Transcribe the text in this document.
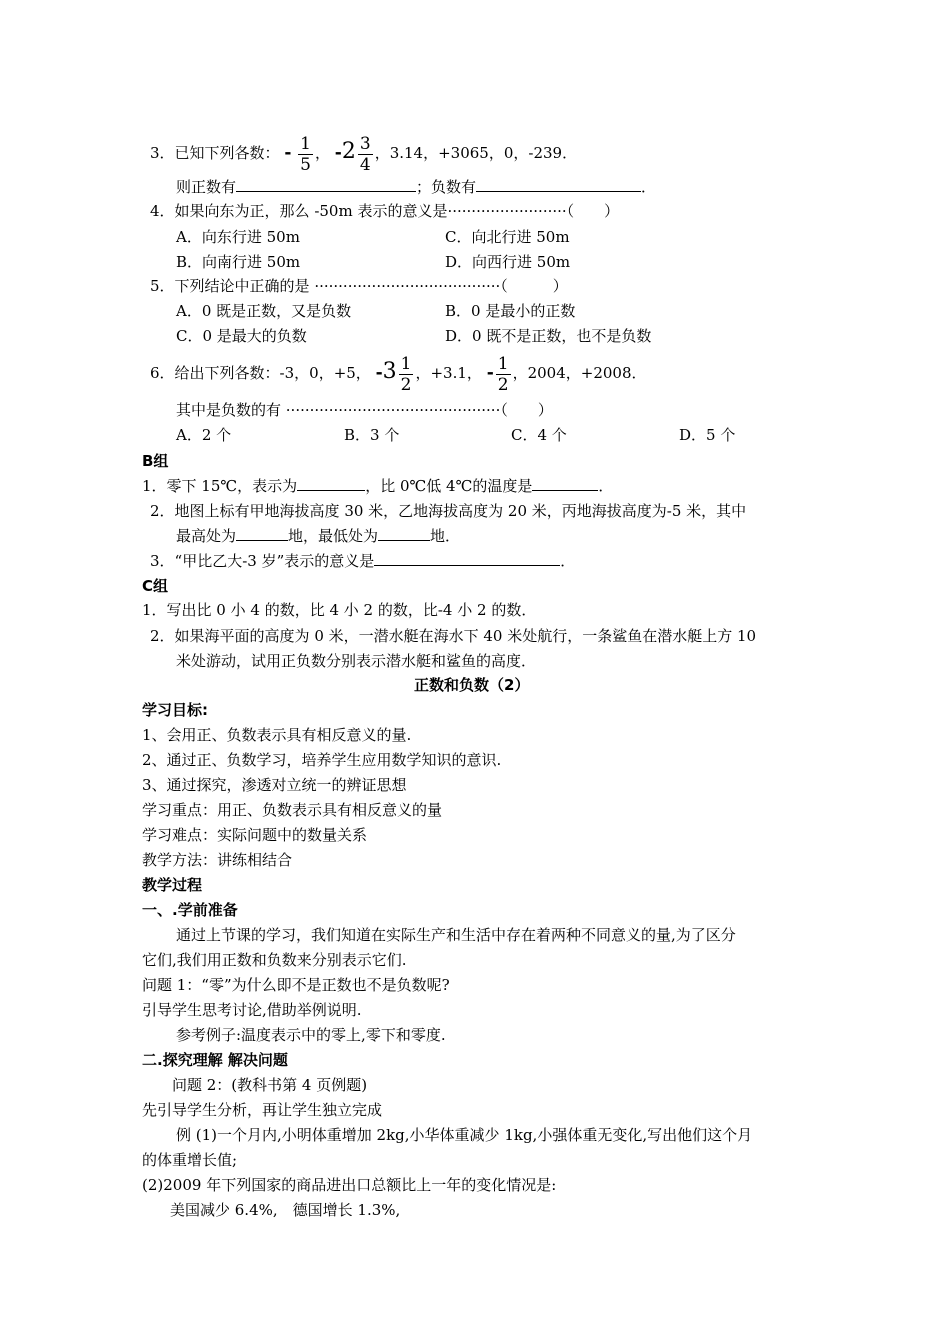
3．已知下列各数： - $\frac{1}{5}$ ， $-2 \frac{3}{4}$ ，3.14，+3065，0，-239．
则正数有	；负数有	．
4．如果向东为正，那么 -50m 表示的意义是·························（　　）
A．向东行进 50m	C．向北行进 50m
B．向南行进 50m	D．向西行进 50m
5．下列结论中正确的是 ·······································（　　　）
A．0 既是正数，又是负数	B．0 是最小的正数
C．0 是最大的负数	D．0 既不是正数，也不是负数
6．给出下列各数：-3，0，+5， $-3 \frac{1}{2}$ ，+3.1， - $\frac{1}{2}$ ，2004，+2008．
其中是负数的有 ·············································（　　）
A．2 个	B．3 个	C．4 个	D．5 个
B组
1．零下 15℃，表示为	，比 0℃低 4℃的温度是	．
2．地图上标有甲地海拔高度 30 米，乙地海拔高度为 20 米，丙地海拔高度为-5 米，其中
最高处为	地，最低处为	地．
3．“甲比乙大-3 岁”表示的意义是	．
C组
1．写出比 0 小 4 的数，比 4 小 2 的数，比-4 小 2 的数．
2．如果海平面的高度为 0 米，一潜水艇在海水下 40 米处航行，一条鲨鱼在潜水艇上方 10
米处游动，试用正负数分别表示潜水艇和鲨鱼的高度．
正数和负数（2）
学习目标:
1、会用正、负数表示具有相反意义的量.
2、通过正、负数学习，培养学生应用数学知识的意识.
3、通过探究，渗透对立统一的辨证思想
学习重点：用正、负数表示具有相反意义的量
学习难点：实际问题中的数量关系
教学方法：讲练相结合
教学过程
一、.学前准备
通过上节课的学习，我们知道在实际生产和生活中存在着两种不同意义的量,为了区分
它们,我们用正数和负数来分别表示它们.
问题 1：“零”为什么即不是正数也不是负数呢?
引导学生思考讨论,借助举例说明.
参考例子:温度表示中的零上,零下和零度.
二.探究理解 解决问题
问题 2：(教科书第 4 页例题)
先引导学生分析，再让学生独立完成
例 (1)一个月内,小明体重增加 2kg,小华体重减少 1kg,小强体重无变化,写出他们这个月
的体重增长值;
(2)2009 年下列国家的商品进出口总额比上一年的变化情况是:
美国减少 6.4%,　德国增长 1.3%,
